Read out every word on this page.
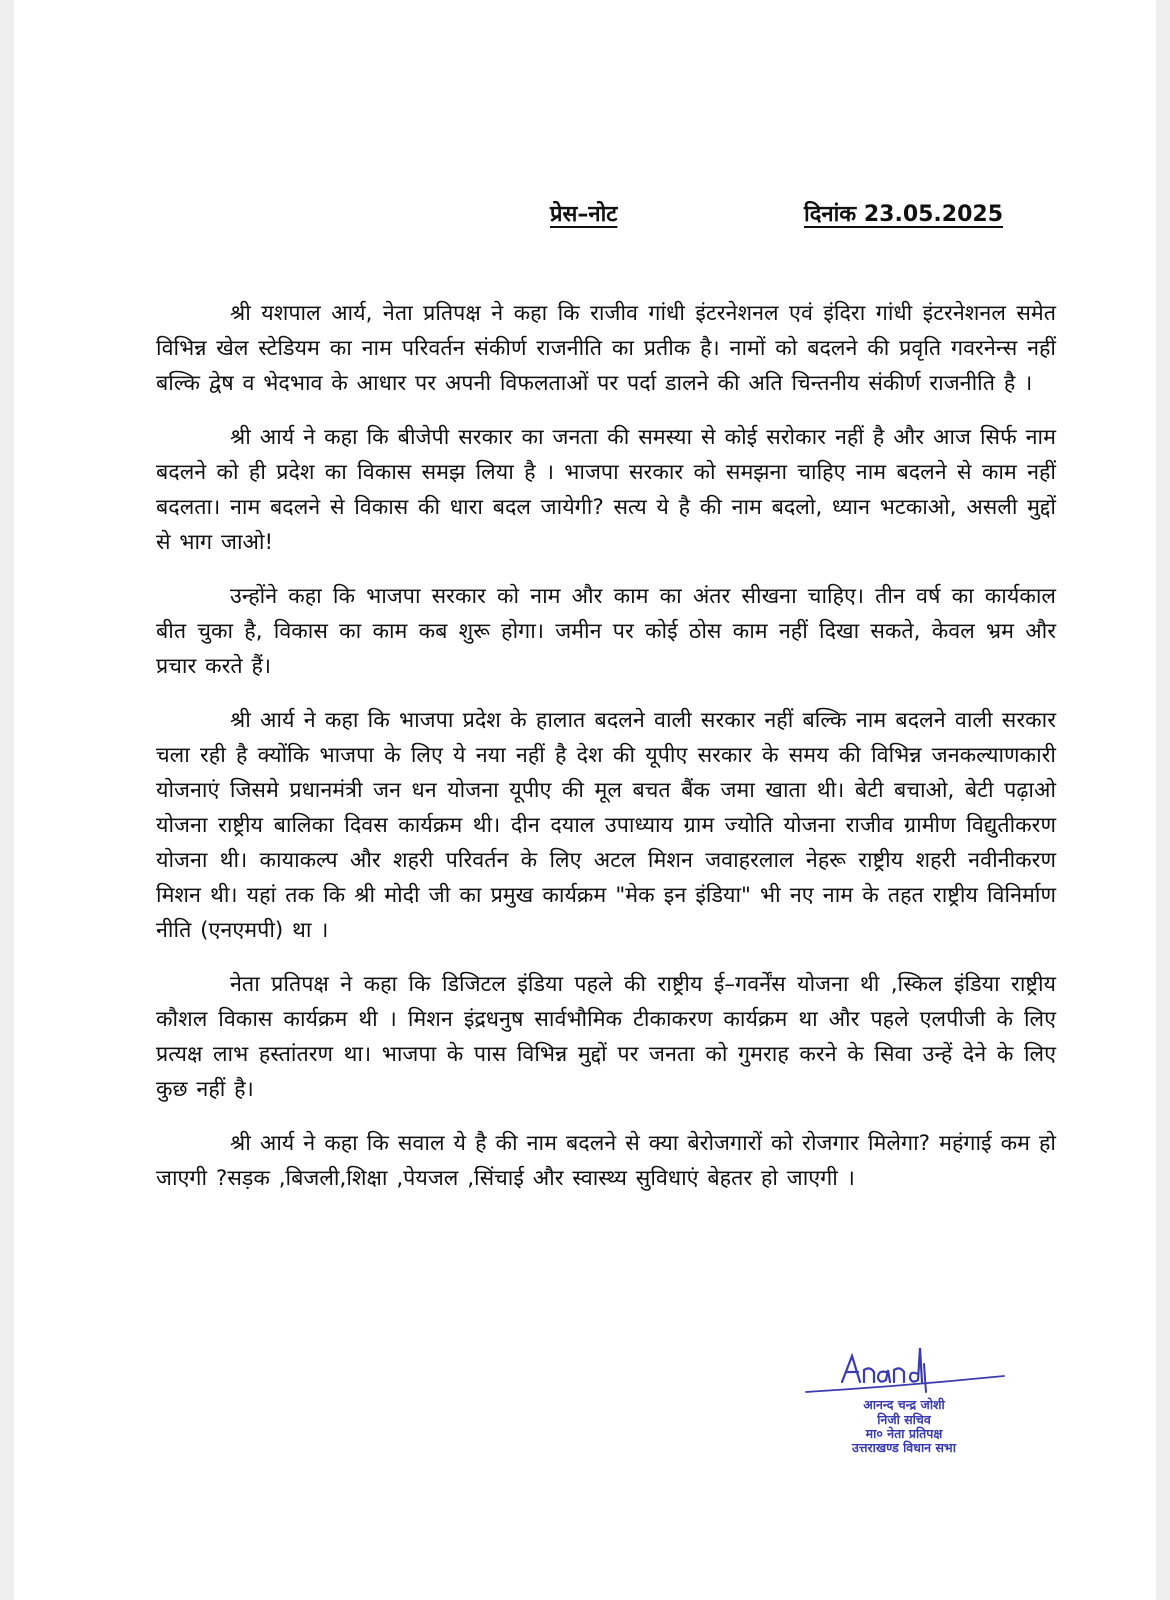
प्रेस–नोट	दिनांक 23.05.2025

श्री यशपाल आर्य, नेता प्रतिपक्ष ने कहा कि राजीव गांधी इंटरनेशनल एवं इंदिरा गांधी इंटरनेशनल समेत विभिन्न खेल स्टेडियम का नाम परिवर्तन संकीर्ण राजनीति का प्रतीक है। नामों को बदलने की प्रवृति गवरनेन्स नहीं बल्कि द्वेष व भेदभाव के आधार पर अपनी विफलताओं पर पर्दा डालने की अति चिन्तनीय संकीर्ण राजनीति है ।

श्री आर्य ने कहा कि बीजेपी सरकार का जनता की समस्या से कोई सरोकार नहीं है और आज सिर्फ नाम बदलने को ही प्रदेश का विकास समझ लिया है । भाजपा सरकार को समझना चाहिए नाम बदलने से काम नहीं बदलता। नाम बदलने से विकास की धारा बदल जायेगी? सत्य ये है की नाम बदलो, ध्यान भटकाओ, असली मुद्दों से भाग जाओ!

उन्होंने कहा कि भाजपा सरकार को नाम और काम का अंतर सीखना चाहिए। तीन वर्ष का कार्यकाल बीत चुका है, विकास का काम कब शुरू होगा। जमीन पर कोई ठोस काम नहीं दिखा सकते, केवल भ्रम और प्रचार करते हैं।

श्री आर्य ने कहा कि भाजपा प्रदेश के हालात बदलने वाली सरकार नहीं बल्कि नाम बदलने वाली सरकार चला रही है क्योंकि भाजपा के लिए ये नया नहीं है देश की यूपीए सरकार के समय की विभिन्न जनकल्याणकारी योजनाएं जिसमे प्रधानमंत्री जन धन योजना यूपीए की मूल बचत बैंक जमा खाता थी। बेटी बचाओ, बेटी पढ़ाओ योजना राष्ट्रीय बालिका दिवस कार्यक्रम थी। दीन दयाल उपाध्याय ग्राम ज्योति योजना राजीव ग्रामीण विद्युतीकरण योजना थी। कायाकल्प और शहरी परिवर्तन के लिए अटल मिशन जवाहरलाल नेहरू राष्ट्रीय शहरी नवीनीकरण मिशन थी। यहां तक कि श्री मोदी जी का प्रमुख कार्यक्रम "मेक इन इंडिया" भी नए नाम के तहत राष्ट्रीय विनिर्माण नीति (एनएमपी) था ।

नेता प्रतिपक्ष ने कहा कि डिजिटल इंडिया पहले की राष्ट्रीय ई–गवर्नेंस योजना थी ,स्किल इंडिया राष्ट्रीय कौशल विकास कार्यक्रम थी । मिशन इंद्रधनुष सार्वभौमिक टीकाकरण कार्यक्रम था और पहले एलपीजी के लिए प्रत्यक्ष लाभ हस्तांतरण था। भाजपा के पास विभिन्न मुद्दों पर जनता को गुमराह करने के सिवा उन्हें देने के लिए कुछ नहीं है।

श्री आर्य ने कहा कि सवाल ये है की नाम बदलने से क्या बेरोजगारों को रोजगार मिलेगा? महंगाई कम हो जाएगी ?सड़क ,बिजली,शिक्षा ,पेयजल ,सिंचाई और स्वास्थ्य सुविधाएं बेहतर हो जाएगी ।

आनन्द चन्द्र जोशी
निजी सचिव
मा० नेता प्रतिपक्ष
उत्तराखण्ड विधान सभा
